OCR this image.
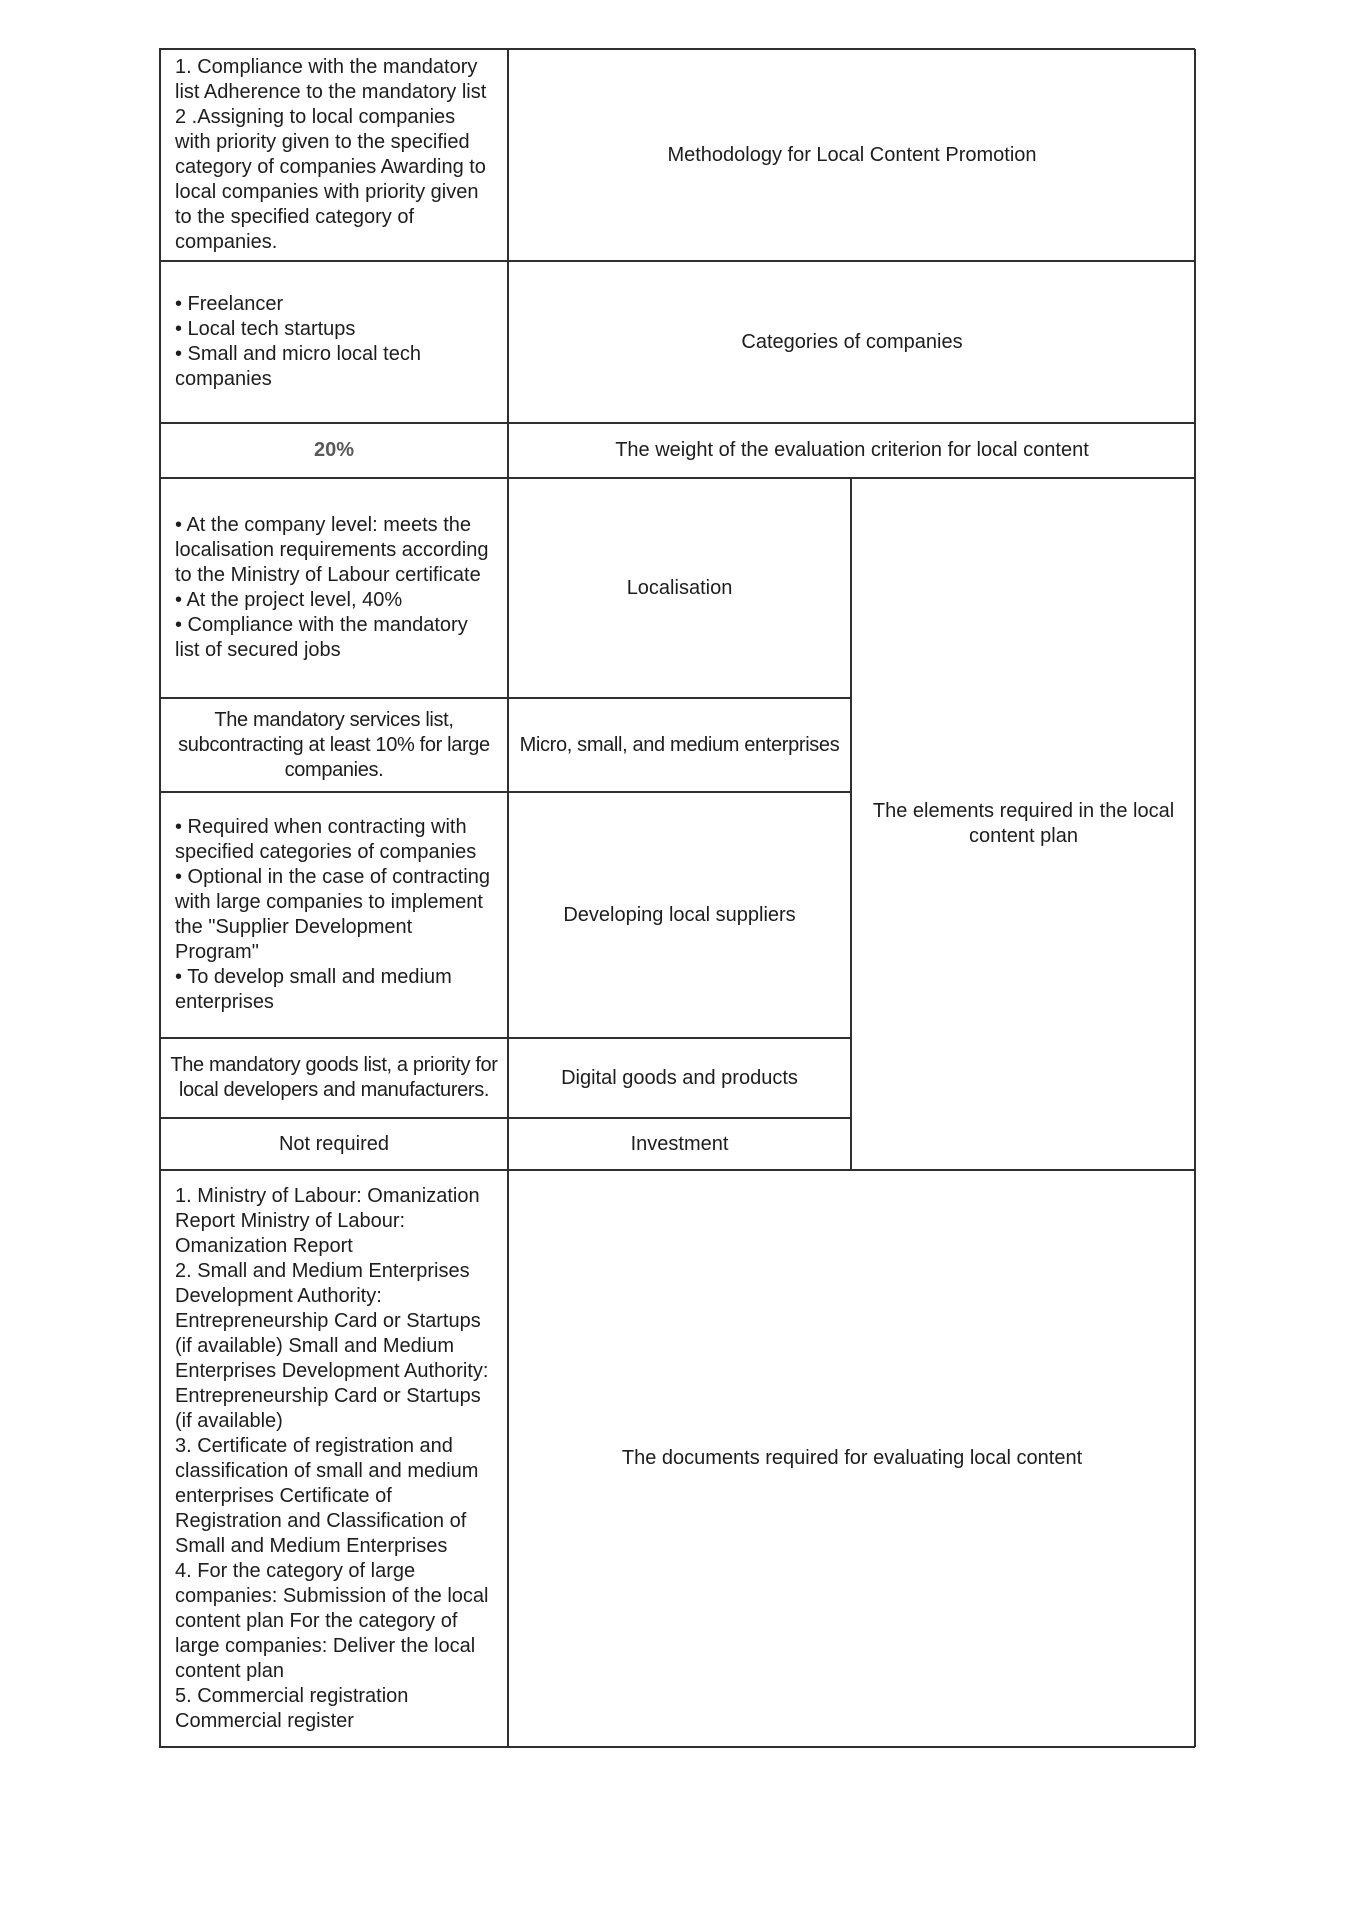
1. Compliance with the mandatory list Adherence to the mandatory list
2 .Assigning to local companies with priority given to the specified category of companies Awarding to local companies with priority given to the specified category of companies.
Methodology for Local Content Promotion
• Freelancer
• Local tech startups
• Small and micro local tech companies
Categories of companies
20%	The weight of the evaluation criterion for local content
• At the company level: meets the localisation requirements according to the Ministry of Labour certificate
• At the project level, 40%
• Compliance with the mandatory list of secured jobs
Localisation
The mandatory services list, subcontracting at least 10% for large companies.
Micro, small, and medium enterprises
• Required when contracting with specified categories of companies
• Optional in the case of contracting with large companies to implement the "Supplier Development Program"
• To develop small and medium enterprises
Developing local suppliers
The mandatory goods list, a priority for local developers and manufacturers.
Digital goods and products
Not required	Investment
The elements required in the local content plan
1. Ministry of Labour: Omanization Report Ministry of Labour: Omanization Report
2. Small and Medium Enterprises Development Authority: Entrepreneurship Card or Startups (if available) Small and Medium Enterprises Development Authority: Entrepreneurship Card or Startups (if available)
3. Certificate of registration and classification of small and medium enterprises Certificate of Registration and Classification of Small and Medium Enterprises
4. For the category of large companies: Submission of the local content plan For the category of large companies: Deliver the local content plan
5. Commercial registration Commercial register
The documents required for evaluating local content
